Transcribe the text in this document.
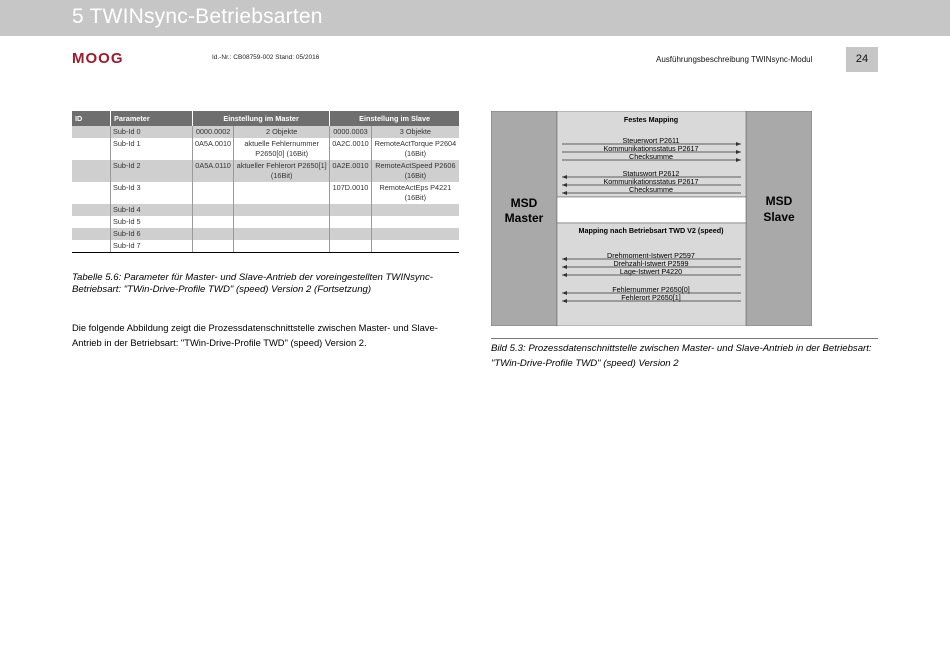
5 TWINsync-Betriebsarten
MOOG	Id.-Nr.: CB08759-002 Stand: 05/2016	Ausführungsbeschreibung TWINsync-Modul	24
ID	Parameter	Einstellung im Master		Einstellung im Slave	
	Sub-Id 0	0000.0002	2 Objekte	0000.0003	3 Objekte
	Sub-Id 1	0A5A.0010	aktuelle Fehlernummer P2650[0] (16Bit)	0A2C.0010	RemoteActTorque P2604 (16Bit)
	Sub-Id 2	0A5A.0110	aktueller Fehlerort P2650[1] (16Bit)	0A2E.0010	RemoteActSpeed P2606 (16Bit)
	Sub-Id 3			107D.0010	RemoteActEps P4221 (16Bit)
	Sub-Id 4				
	Sub-Id 5				
	Sub-Id 6				
	Sub-Id 7				
Tabelle 5.6: Parameter für Master- und Slave-Antrieb der voreingestellten TWINsync- Betriebsart: "TWin-Drive-Profile TWD" (speed) Version 2 (Fortsetzung)
Die folgende Abbildung zeigt die Prozessdatenschnittstelle zwischen Master- und Slave-Antrieb in der Betriebsart: "TWin-Drive-Profile TWD" (speed) Version 2.
MSD
Master
MSD
Slave
Festes Mapping
Mapping nach Betriebsart TWD V2 (speed)
Steuerwort P2611
Kommunikationsstatus P2617
Checksumme
Statuswort P2612
Kommunikationsstatus P2617
Checksumme
Drehmoment-Istwert P2597
Drehzahl-Istwert P2599
Lage-Istwert P4220
Fehlernummer P2650[0]
Fehlerort P2650[1]
Bild 5.3: Prozessdatenschnittstelle zwischen Master- und Slave-Antrieb in der Betriebsart: "TWin-Drive-Profile TWD" (speed) Version 2
